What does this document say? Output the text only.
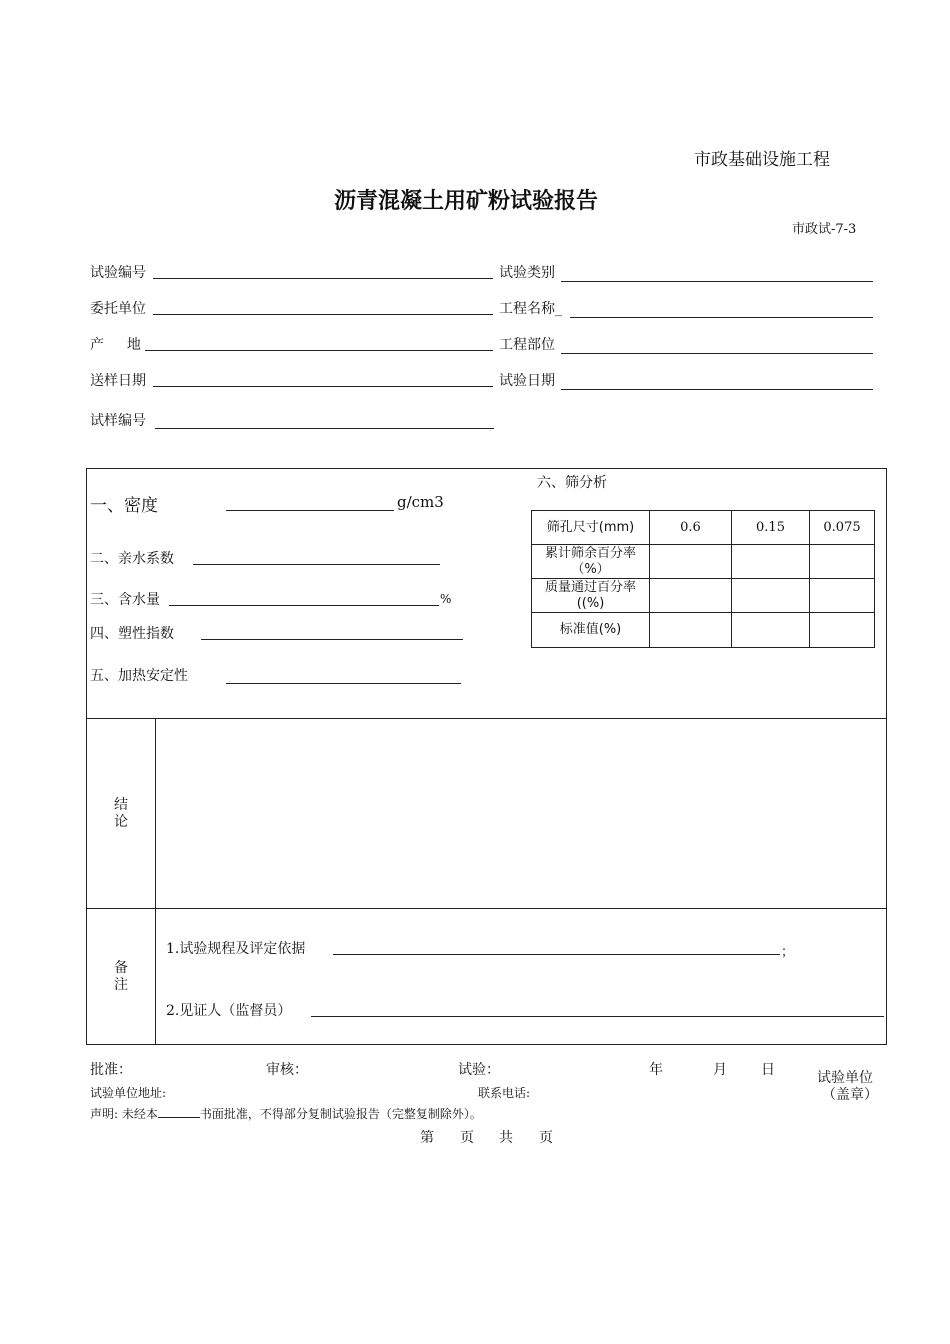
市政基础设施工程
沥青混凝土用矿粉试验报告
市政试-7-3
试验编号	试验类别
委托单位	工程名称_
产　  地	工程部位
送样日期	试验日期
试样编号
一、密度	g/cm3
二、亲水系数
三、含水量	%
四、塑性指数
五、加热安定性
六、筛分析
筛孔尺寸(mm)	0.6	0.15	0.075
累计筛余百分率（%）			
质量通过百分率((%)			
标准值(%)			
结论
备注
1.试验规程及评定依据	；
2.见证人（监督员）
批准：	审核：	试验：	年	月 日	试验单位
（盖章）
试验单位地址:	联系电话:
声明: 未经本	书面批准，不得部分复制试验报告（完整复制除外）。
第 页 共 页
